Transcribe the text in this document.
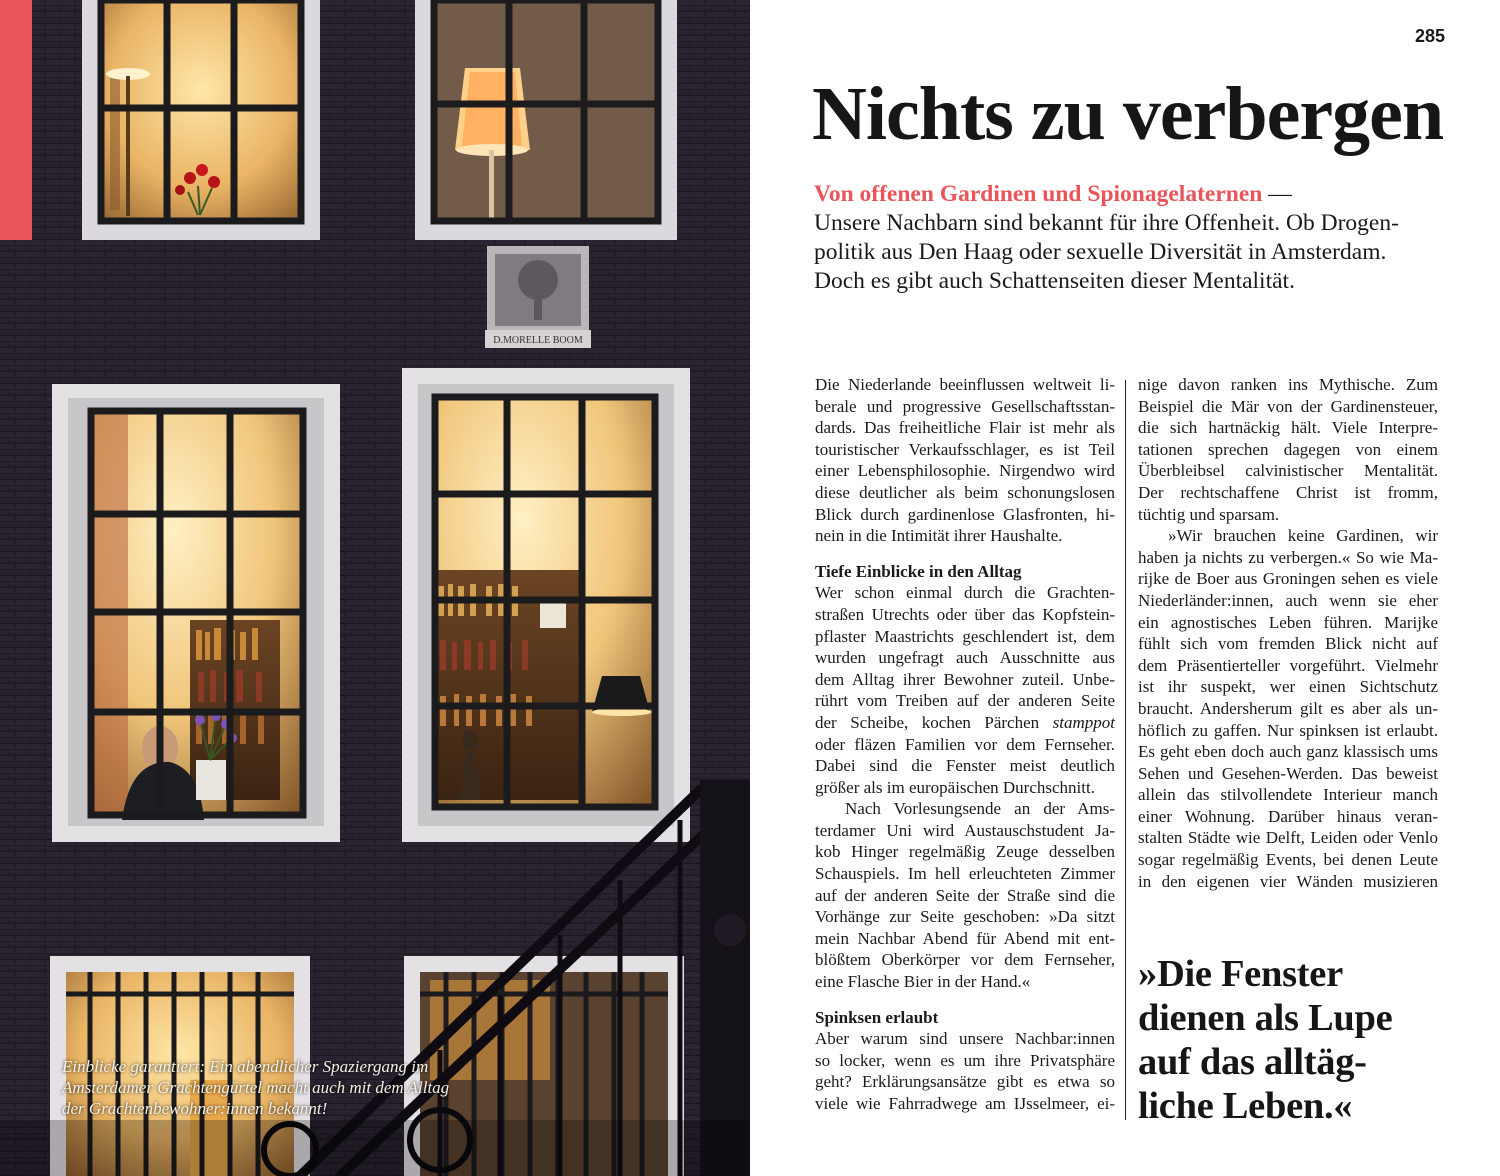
D.MORELLE BOOM
Einblicke garantiert: Ein abendlicher Spaziergang im
Amsterdamer Grachtengürtel macht auch mit dem Alltag
der Grachtenbewohner:innen bekannt!
285
Nichts zu verbergen
Von offenen Gardinen und Spionagelaternen —
Unsere Nachbarn sind bekannt für ihre Offenheit. Ob Drogen-
politik aus Den Haag oder sexuelle Diversität in Amsterdam.
Doch es gibt auch Schattenseiten dieser Mentalität.
Die Niederlande beeinflussen weltweit li-
berale und progressive Gesellschaftsstan-
dards. Das freiheitliche Flair ist mehr als
touristischer Verkaufsschlager, es ist Teil
einer Lebensphilosophie. Nirgendwo wird
diese deutlicher als beim schonungslosen
Blick durch gardinenlose Glasfronten, hi-
nein in die Intimität ihrer Haushalte.
Tiefe Einblicke in den Alltag
Wer schon einmal durch die Grachten-
straßen Utrechts oder über das Kopfstein-
pflaster Maastrichts geschlendert ist, dem
wurden ungefragt auch Ausschnitte aus
dem Alltag ihrer Bewohner zuteil. Unbe-
rührt vom Treiben auf der anderen Seite
der Scheibe, kochen Pärchen stamppot
oder fläzen Familien vor dem Fernseher.
Dabei sind die Fenster meist deutlich
größer als im europäischen Durchschnitt.
Nach Vorlesungsende an der Ams-
terdamer Uni wird Austauschstudent Ja-
kob Hinger regelmäßig Zeuge desselben
Schauspiels. Im hell erleuchteten Zimmer
auf der anderen Seite der Straße sind die
Vorhänge zur Seite geschoben: »Da sitzt
mein Nachbar Abend für Abend mit ent-
blößtem Oberkörper vor dem Fernseher,
eine Flasche Bier in der Hand.«
Spinksen erlaubt
Aber warum sind unsere Nachbar:innen
so locker, wenn es um ihre Privatsphäre
geht? Erklärungsansätze gibt es etwa so
viele wie Fahrradwege am IJsselmeer, ei-
nige davon ranken ins Mythische. Zum
Beispiel die Mär von der Gardinensteuer,
die sich hartnäckig hält. Viele Interpre-
tationen sprechen dagegen von einem
Überbleibsel calvinistischer Mentalität.
Der rechtschaffene Christ ist fromm,
tüchtig und sparsam.
»Wir brauchen keine Gardinen, wir
haben ja nichts zu verbergen.« So wie Ma-
rijke de Boer aus Groningen sehen es viele
Niederländer:innen, auch wenn sie eher
ein agnostisches Leben führen. Marijke
fühlt sich vom fremden Blick nicht auf
dem Präsentierteller vorgeführt. Vielmehr
ist ihr suspekt, wer einen Sichtschutz
braucht. Andersherum gilt es aber als un-
höflich zu gaffen. Nur spinksen ist erlaubt.
Es geht eben doch auch ganz klassisch ums
Sehen und Gesehen-Werden. Das beweist
allein das stilvollendete Interieur manch
einer Wohnung. Darüber hinaus veran-
stalten Städte wie Delft, Leiden oder Venlo
sogar regelmäßig Events, bei denen Leute
in den eigenen vier Wänden musizieren
»Die Fenster
dienen als Lupe
auf das alltäg-
liche Leben.«
